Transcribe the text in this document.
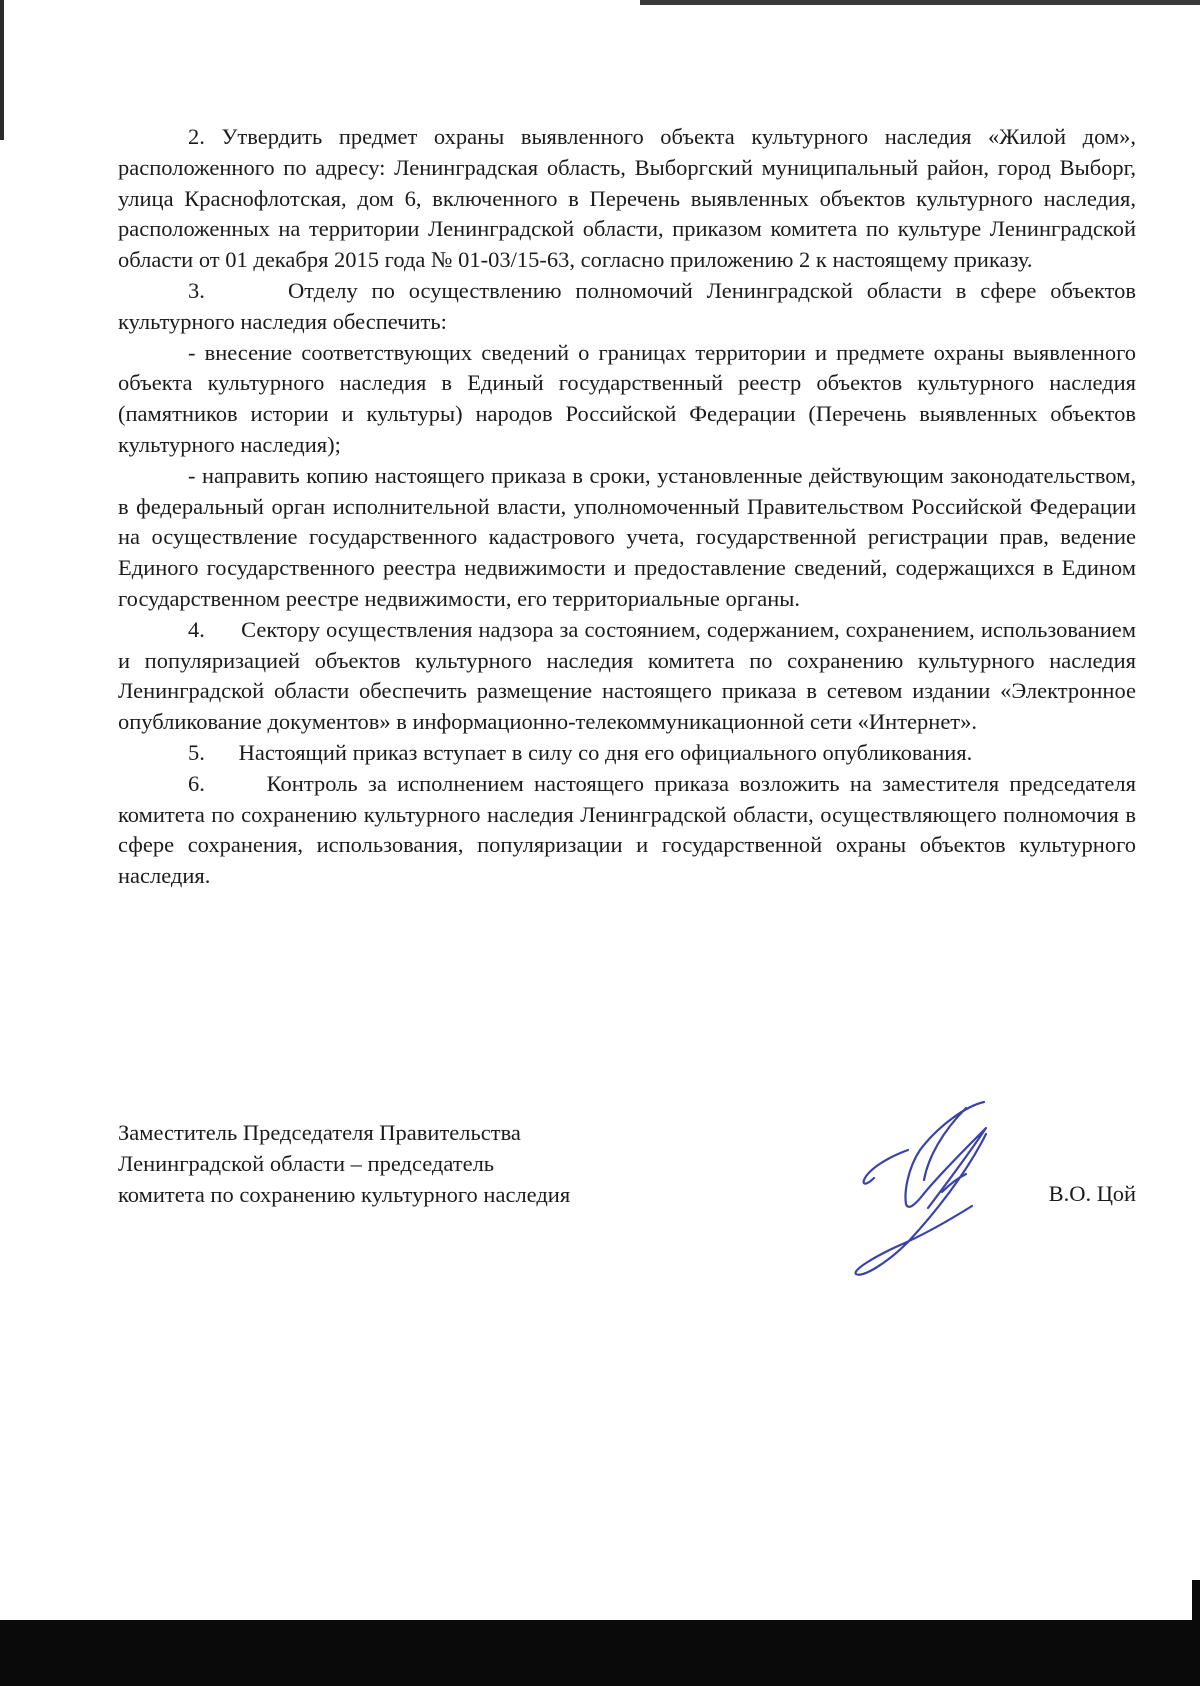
2. Утвердить предмет охраны выявленного объекта культурного наследия «Жилой дом», расположенного по адресу: Ленинградская область, Выборгский муниципальный район, город Выборг, улица Краснофлотская, дом 6, включенного в Перечень выявленных объектов культурного наследия, расположенных на территории Ленинградской области, приказом комитета по культуре Ленинградской области от 01 декабря 2015 года № 01-03/15-63, согласно приложению 2 к настоящему приказу.

3.      Отделу по осуществлению полномочий Ленинградской области в сфере объектов культурного наследия обеспечить:

- внесение соответствующих сведений о границах территории и предмете охраны выявленного объекта культурного наследия в Единый государственный реестр объектов культурного наследия (памятников истории и культуры) народов Российской Федерации (Перечень выявленных объектов культурного наследия);

- направить копию настоящего приказа в сроки, установленные действующим законодательством, в федеральный орган исполнительной власти, уполномоченный Правительством Российской Федерации на осуществление государственного кадастрового учета, государственной регистрации прав, ведение Единого государственного реестра недвижимости и предоставление сведений, содержащихся в Едином государственном реестре недвижимости, его территориальные органы.

4.      Сектору осуществления надзора за состоянием, содержанием, сохранением, использованием и популяризацией объектов культурного наследия комитета по сохранению культурного наследия Ленинградской области обеспечить размещение настоящего приказа в сетевом издании «Электронное опубликование документов» в информационно-телекоммуникационной сети «Интернет».

5.      Настоящий приказ вступает в силу со дня его официального опубликования.

6.      Контроль за исполнением настоящего приказа возложить на заместителя председателя комитета по сохранению культурного наследия Ленинградской области, осуществляющего полномочия в сфере сохранения, использования, популяризации и государственной охраны объектов культурного наследия.

Заместитель Председателя Правительства
Ленинградской области – председатель
комитета по сохранению культурного наследия	В.О. Цой
